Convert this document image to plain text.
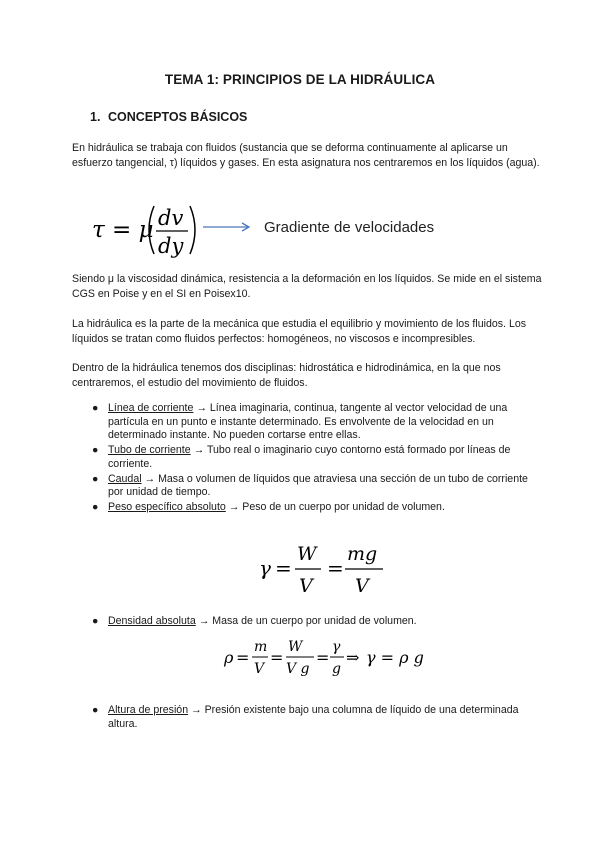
TEMA 1: PRINCIPIOS DE LA HIDRÁULICA
1. CONCEPTOS BÁSICOS

En hidráulica se trabaja con fluidos (sustancia que se deforma continuamente al aplicarse un esfuerzo tangencial, τ) líquidos y gases. En esta asignatura nos centraremos en los líquidos (agua).

τ = μ dv
dy
Gradiente de velocidades

Siendo μ la viscosidad dinámica, resistencia a la deformación en los líquidos. Se mide en el sistema CGS en Poise y en el SI en Poisex10.

La hidráulica es la parte de la mecánica que estudia el equilibrio y movimiento de los fluidos. Los líquidos se tratan como fluidos perfectos: homogéneos, no viscosos e incompresibles.

Dentro de la hidráulica tenemos dos disciplinas: hidrostática e hidrodinámica, en la que nos centraremos, el estudio del movimiento de fluidos.

● Línea de corriente → Línea imaginaria, continua, tangente al vector velocidad de una partícula en un punto e instante determinado. Es envolvente de la velocidad en un determinado instante. No pueden cortarse entre ellas.
● Tubo de corriente → Tubo real o imaginario cuyo contorno está formado por líneas de corriente.
● Caudal → Masa o volumen de líquidos que atraviesa una sección de un tubo de corriente por unidad de tiempo.
● Peso específico absoluto → Peso de un cuerpo por unidad de volumen.
γ =
W
V
=
mg
V
● Densidad absoluta → Masa de un cuerpo por unidad de volumen.
ρ =
m
V
=
W
V g
=
γ
g
⇒ γ = ρ g
● Altura de presión → Presión existente bajo una columna de líquido de una determinada altura.
